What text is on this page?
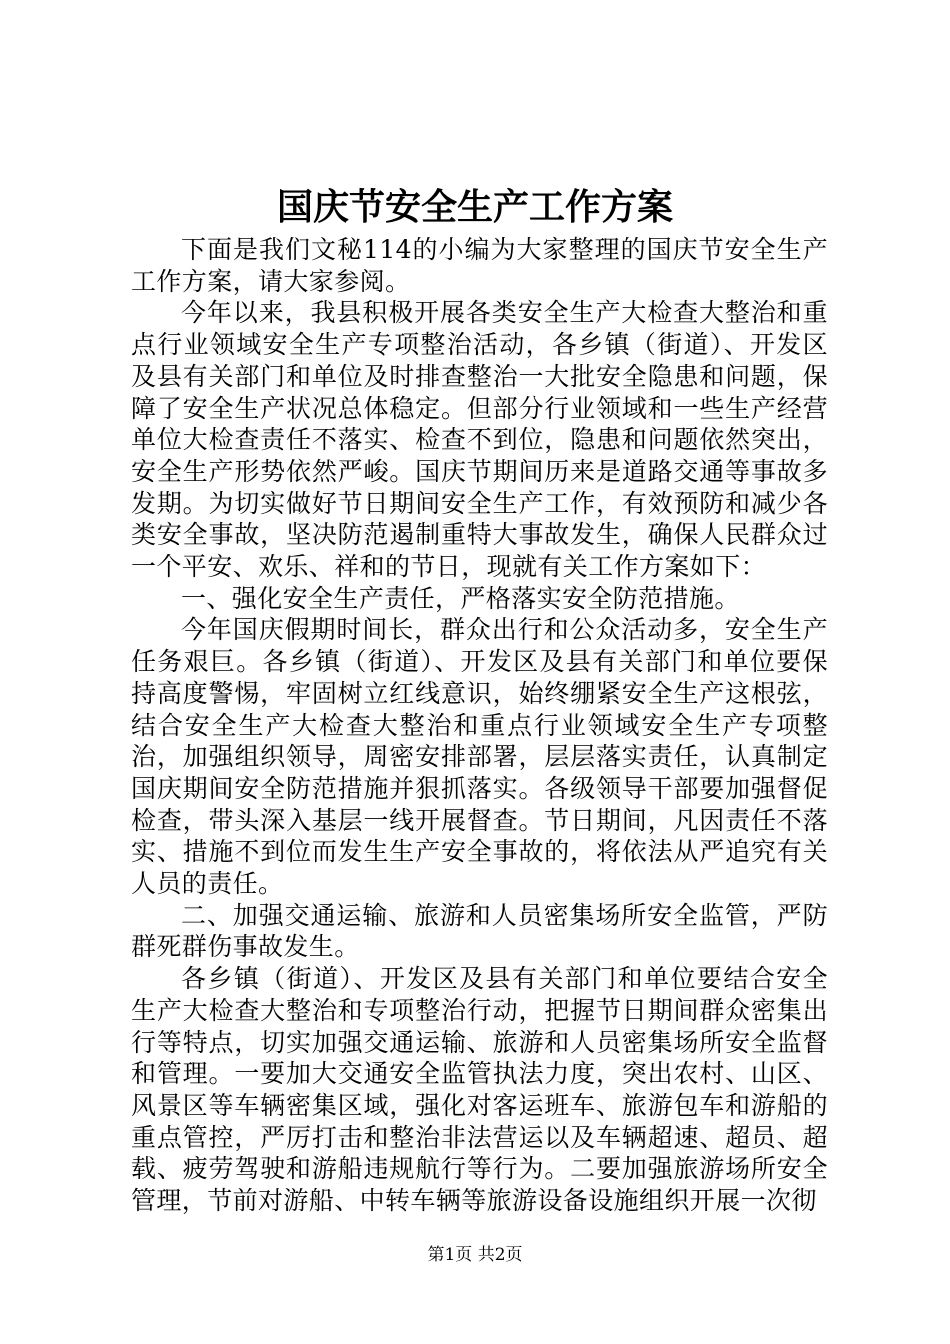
国庆节安全生产工作方案

下面是我们文秘114的小编为大家整理的国庆节安全生产工作方案，请大家参阅。

今年以来，我县积极开展各类安全生产大检查大整治和重点行业领域安全生产专项整治活动，各乡镇（街道）、开发区及县有关部门和单位及时排查整治一大批安全隐患和问题，保障了安全生产状况总体稳定。但部分行业领域和一些生产经营单位大检查责任不落实、检查不到位，隐患和问题依然突出，安全生产形势依然严峻。国庆节期间历来是道路交通等事故多发期。为切实做好节日期间安全生产工作，有效预防和减少各类安全事故，坚决防范遏制重特大事故发生，确保人民群众过一个平安、欢乐、祥和的节日，现就有关工作方案如下：

一、强化安全生产责任，严格落实安全防范措施。

今年国庆假期时间长，群众出行和公众活动多，安全生产任务艰巨。各乡镇（街道）、开发区及县有关部门和单位要保持高度警惕，牢固树立红线意识，始终绷紧安全生产这根弦，结合安全生产大检查大整治和重点行业领域安全生产专项整治，加强组织领导，周密安排部署，层层落实责任，认真制定国庆期间安全防范措施并狠抓落实。各级领导干部要加强督促检查，带头深入基层一线开展督查。节日期间，凡因责任不落实、措施不到位而发生生产安全事故的，将依法从严追究有关人员的责任。

二、加强交通运输、旅游和人员密集场所安全监管，严防群死群伤事故发生。

各乡镇（街道）、开发区及县有关部门和单位要结合安全生产大检查大整治和专项整治行动，把握节日期间群众密集出行等特点，切实加强交通运输、旅游和人员密集场所安全监督和管理。一要加大交通安全监管执法力度，突出农村、山区、风景区等车辆密集区域，强化对客运班车、旅游包车和游船的重点管控，严厉打击和整治非法营运以及车辆超速、超员、超载、疲劳驾驶和游船违规航行等行为。二要加强旅游场所安全管理，节前对游船、中转车辆等旅游设备设施组织开展一次彻

第1页 共2页
